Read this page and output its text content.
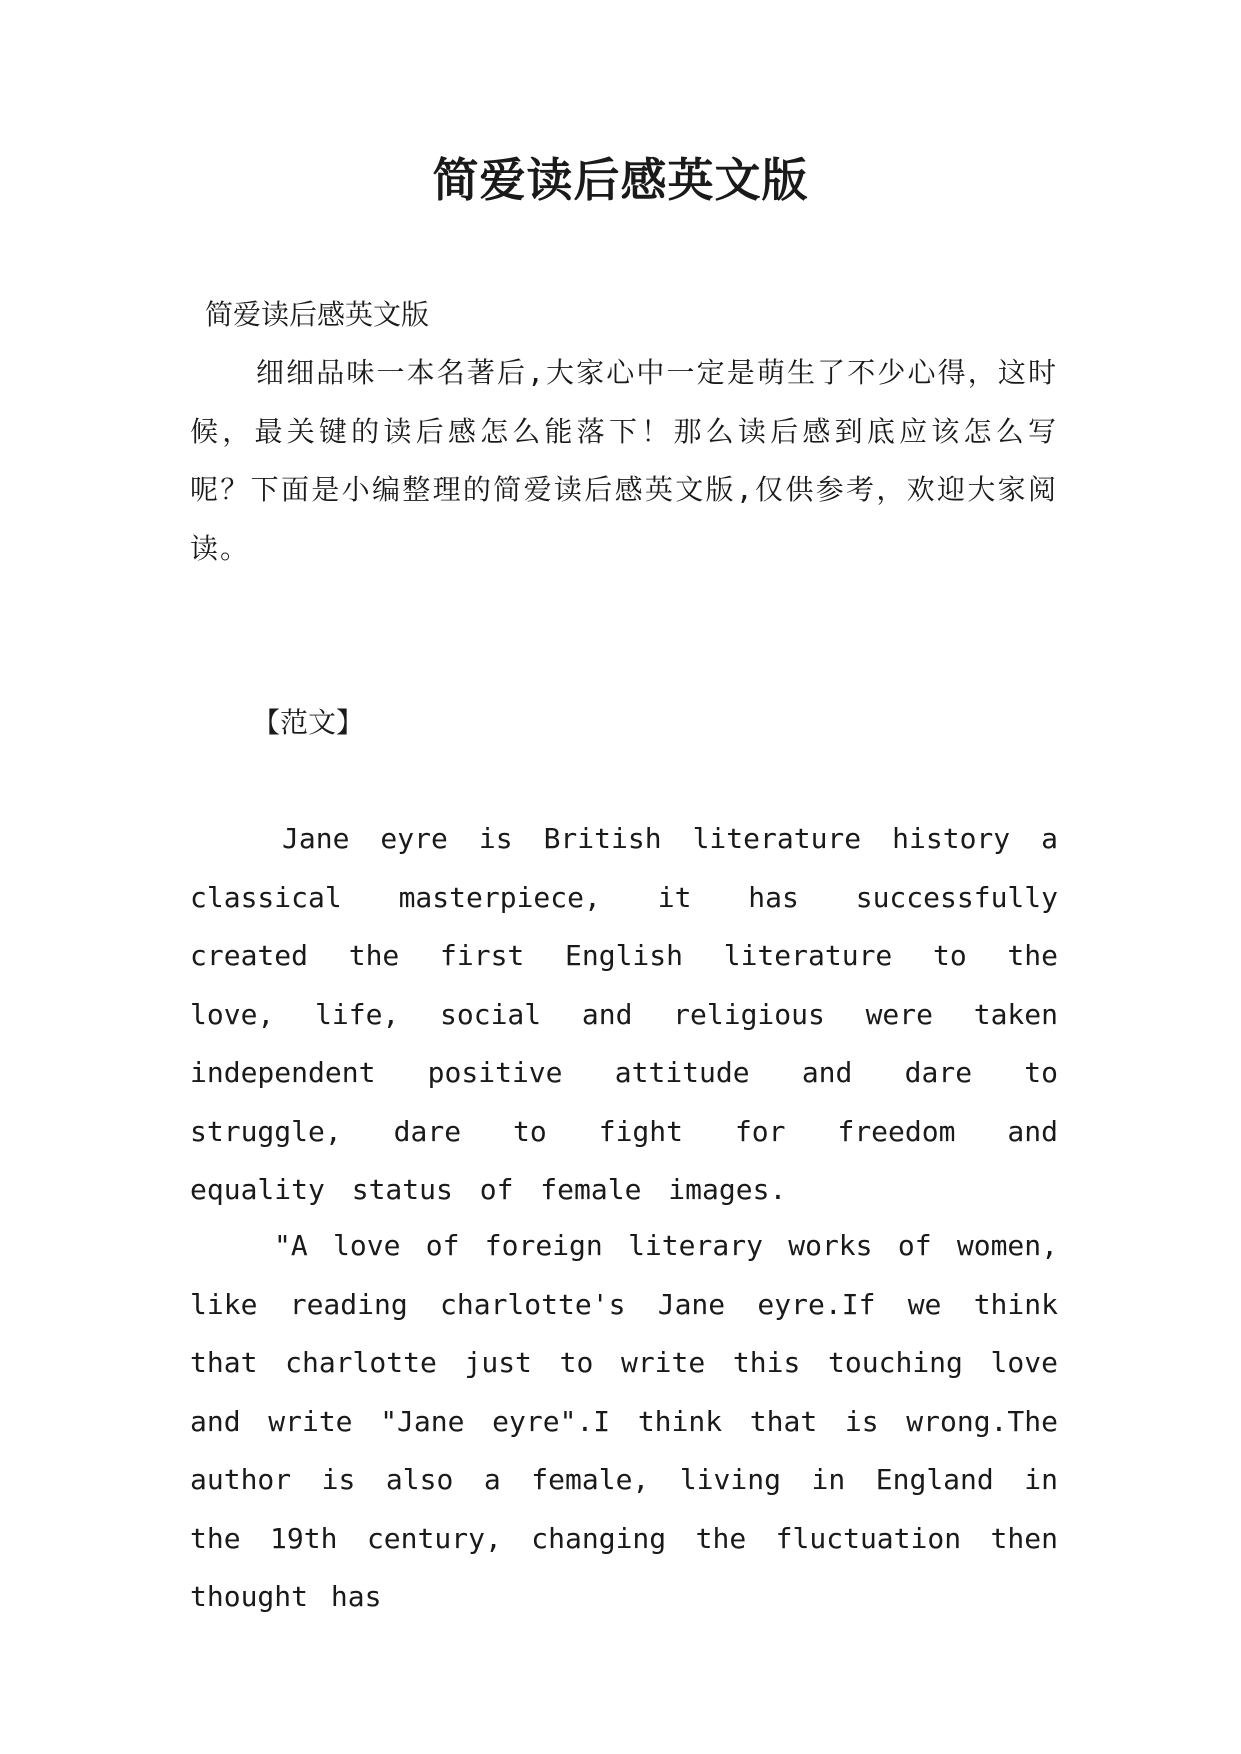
简爱读后感英文版

简爱读后感英文版

细细品味一本名著后,大家心中一定是萌生了不少心得，这时候，最关键的读后感怎么能落下！那么读后感到底应该怎么写呢？下面是小编整理的简爱读后感英文版,仅供参考，欢迎大家阅读。

【范文】

Jane eyre is British literature history a classical masterpiece, it has successfully created the first English literature to the love, life, social and religious were taken independent positive attitude and dare to struggle, dare to fight for freedom and equality status of female images.

"A love of foreign literary works of women, like reading charlotte's Jane eyre.If we think that charlotte just to write this touching love and write "Jane eyre".I think that is wrong.The author is also a female, living in England in the 19th century, changing the fluctuation then thought has
